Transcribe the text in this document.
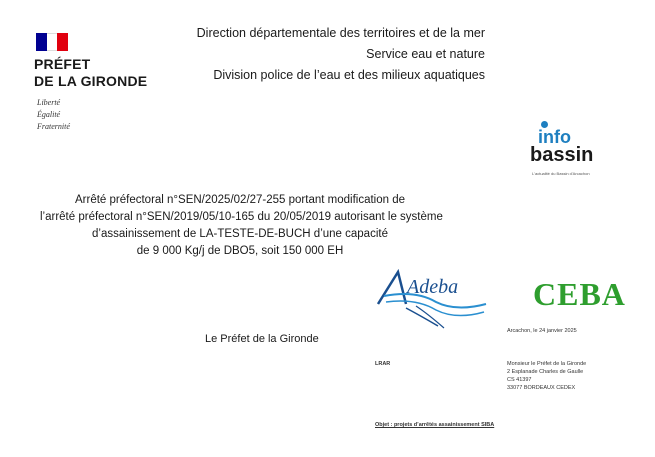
PRÉFET
DE LA GIRONDE
Liberté
Égalité
Fraternité
Direction départementale des territoires et de la mer
Service eau et nature
Division police de l’eau et des milieux aquatiques
info
bassin
L'actualité du Bassin d'Arcachon
Arrêté préfectoral n°SEN/2025/02/27-255 portant modification de
l’arrêté préfectoral n°SEN/2019/05/10-165 du 20/05/2019 autorisant le système
d’assainissement de LA-TESTE-DE-BUCH d’une capacité
de 9 000 Kg/j de DBO5, soit 150 000 EH
Adeba CEBA
Le Préfet de la Gironde
Arcachon, le 24 janvier 2025
LRAR	Monsieur le Préfet de la Gironde
2 Esplanade Charles de Gaulle
CS 41397
33077 BORDEAUX CEDEX
Objet : projets d’arrêtés assainissement SIBA
